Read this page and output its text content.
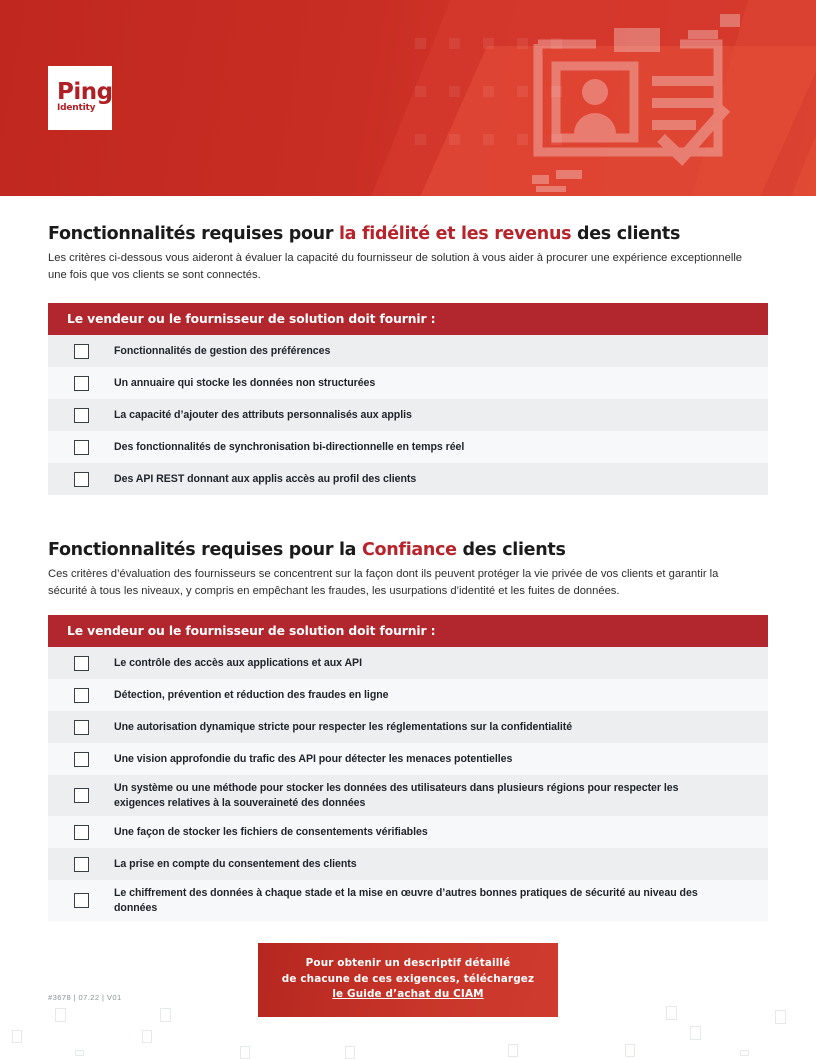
Ping
Identity
Fonctionnalités requises pour la fidélité et les revenus des clients
Les critères ci-dessous vous aideront à évaluer la capacité du fournisseur de solution à vous aider à procurer une expérience exceptionnelle une fois que vos clients se sont connectés.
Le vendeur ou le fournisseur de solution doit fournir :
Fonctionnalités de gestion des préférences
Un annuaire qui stocke les données non structurées
La capacité d’ajouter des attributs personnalisés aux applis
Des fonctionnalités de synchronisation bi-directionnelle en temps réel
Des API REST donnant aux applis accès au profil des clients
Fonctionnalités requises pour la Confiance des clients
Ces critères d’évaluation des fournisseurs se concentrent sur la façon dont ils peuvent protéger la vie privée de vos clients et garantir la sécurité à tous les niveaux, y compris en empêchant les fraudes, les usurpations d’identité et les fuites de données.
Le vendeur ou le fournisseur de solution doit fournir :
Le contrôle des accès aux applications et aux API
Détection, prévention et réduction des fraudes en ligne
Une autorisation dynamique stricte pour respecter les réglementations sur la confidentialité
Une vision approfondie du trafic des API pour détecter les menaces potentielles
Un système ou une méthode pour stocker les données des utilisateurs dans plusieurs régions pour respecter les exigences relatives à la souveraineté des données
Une façon de stocker les fichiers de consentements vérifiables
La prise en compte du consentement des clients
Le chiffrement des données à chaque stade et la mise en œuvre d’autres bonnes pratiques de sécurité au niveau des données
Pour obtenir un descriptif détaillé
de chacune de ces exigences, téléchargez
le Guide d’achat du CIAM
#3678 | 07.22 | V01
